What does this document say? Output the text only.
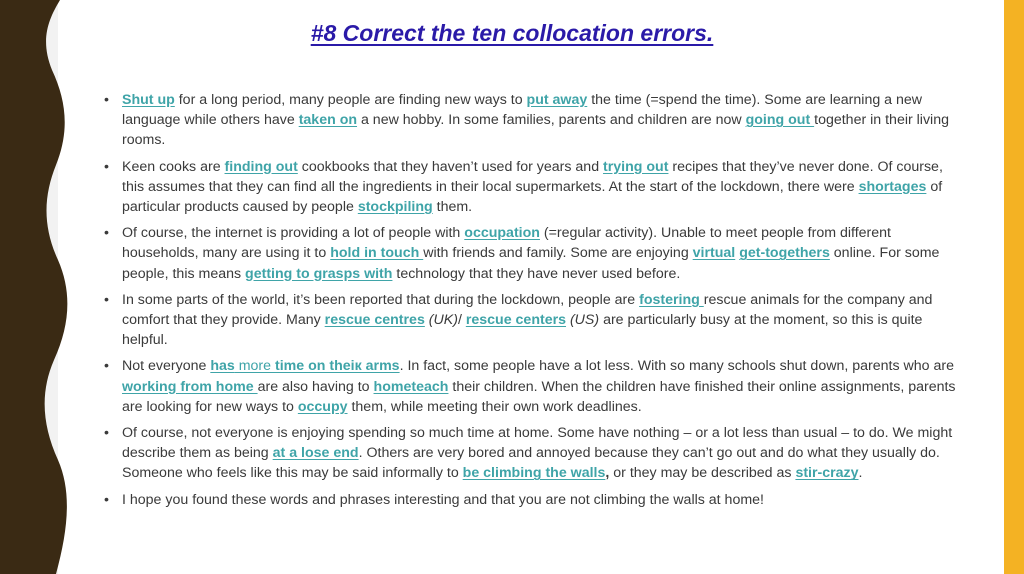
#8 Correct the ten collocation errors.
• Shut up for a long period, many people are finding new ways to put away the time (=spend the time). Some are learning a new language while others have taken on a new hobby. In some families, parents and children are now going out together in their living rooms.
• Keen cooks are finding out cookbooks that they haven’t used for years and trying out recipes that they’ve never done. Of course, this assumes that they can find all the ingredients in their local supermarkets. At the start of the lockdown, there were shortages of particular products caused by people stockpiling them.
• Of course, the internet is providing a lot of people with occupation (=regular activity). Unable to meet people from different households, many are using it to hold in touch with friends and family. Some are enjoying virtual get-togethers online. For some people, this means getting to grasps with technology that they have never used before.
• In some parts of the world, it’s been reported that during the lockdown, people are fostering rescue animals for the company and comfort that they provide. Many rescue centres (UK)/ rescue centers (US) are particularly busy at the moment, so this is quite helpful.
• Not everyone has more time on theiк arms. In fact, some people have a lot less. With so many schools shut down, parents who are working from home are also having to hometeach their children. When the children have finished their online assignments, parents are looking for new ways to occupy them, while meeting their own work deadlines.
• Of course, not everyone is enjoying spending so much time at home. Some have nothing – or a lot less than usual – to do. We might describe them as being at a lose end. Others are very bored and annoyed because they can’t go out and do what they usually do. Someone who feels like this may be said informally to be climbing the walls, or they may be described as stir-crazy.
• I hope you found these words and phrases interesting and that you are not climbing the walls at home!
